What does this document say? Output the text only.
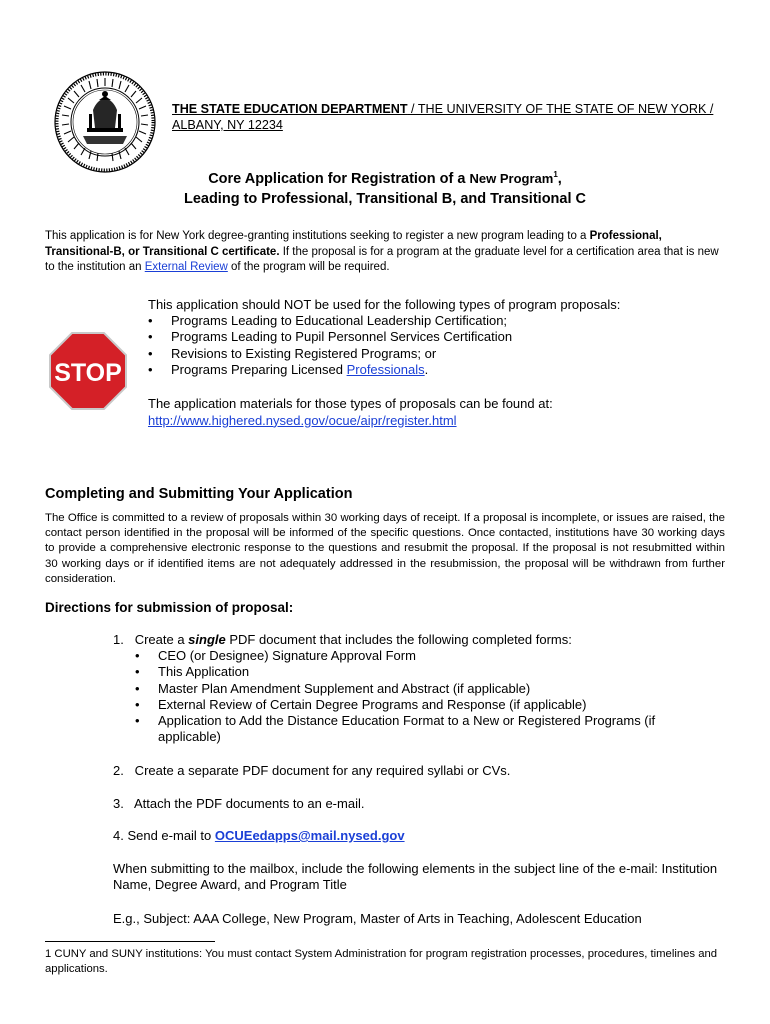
THE STATE EDUCATION DEPARTMENT / THE UNIVERSITY OF THE STATE OF NEW YORK / ALBANY, NY 12234
Core Application for Registration of a New Program$^1$,
Leading to Professional, Transitional B, and Transitional C
This application is for New York degree-granting institutions seeking to register a new program leading to a Professional, Transitional-B, or Transitional C certificate. If the proposal is for a program at the graduate level for a certification area that is new to the institution an External Review of the program will be required.
STOP
This application should NOT be used for the following types of program proposals:
• Programs Leading to Educational Leadership Certification;
• Programs Leading to Pupil Personnel Services Certification
• Revisions to Existing Registered Programs; or
• Programs Preparing Licensed Professionals.
The application materials for those types of proposals can be found at:
http://www.highered.nysed.gov/ocue/aipr/register.html
Completing and Submitting Your Application
The Office is committed to a review of proposals within 30 working days of receipt. If a proposal is incomplete, or issues are raised, the contact person identified in the proposal will be informed of the specific questions. Once contacted, institutions have 30 working days to provide a comprehensive electronic response to the questions and resubmit the proposal. If the proposal is not resubmitted within 30 working days or if identified items are not adequately addressed in the resubmission, the proposal will be withdrawn from further consideration.
Directions for submission of proposal:
1. Create a single PDF document that includes the following completed forms:
• CEO (or Designee) Signature Approval Form
• This Application
• Master Plan Amendment Supplement and Abstract (if applicable)
• External Review of Certain Degree Programs and Response (if applicable)
• Application to Add the Distance Education Format to a New or Registered Programs (if applicable)
2.   Create a separate PDF document for any required syllabi or CVs.
3.   Attach the PDF documents to an e-mail.
4. Send e-mail to OCUEedapps@mail.nysed.gov
When submitting to the mailbox, include the following elements in the subject line of the e-mail: Institution Name, Degree Award, and Program Title
E.g., Subject: AAA College, New Program, Master of Arts in Teaching, Adolescent Education
1 CUNY and SUNY institutions: You must contact System Administration for program registration processes, procedures, timelines and applications.
